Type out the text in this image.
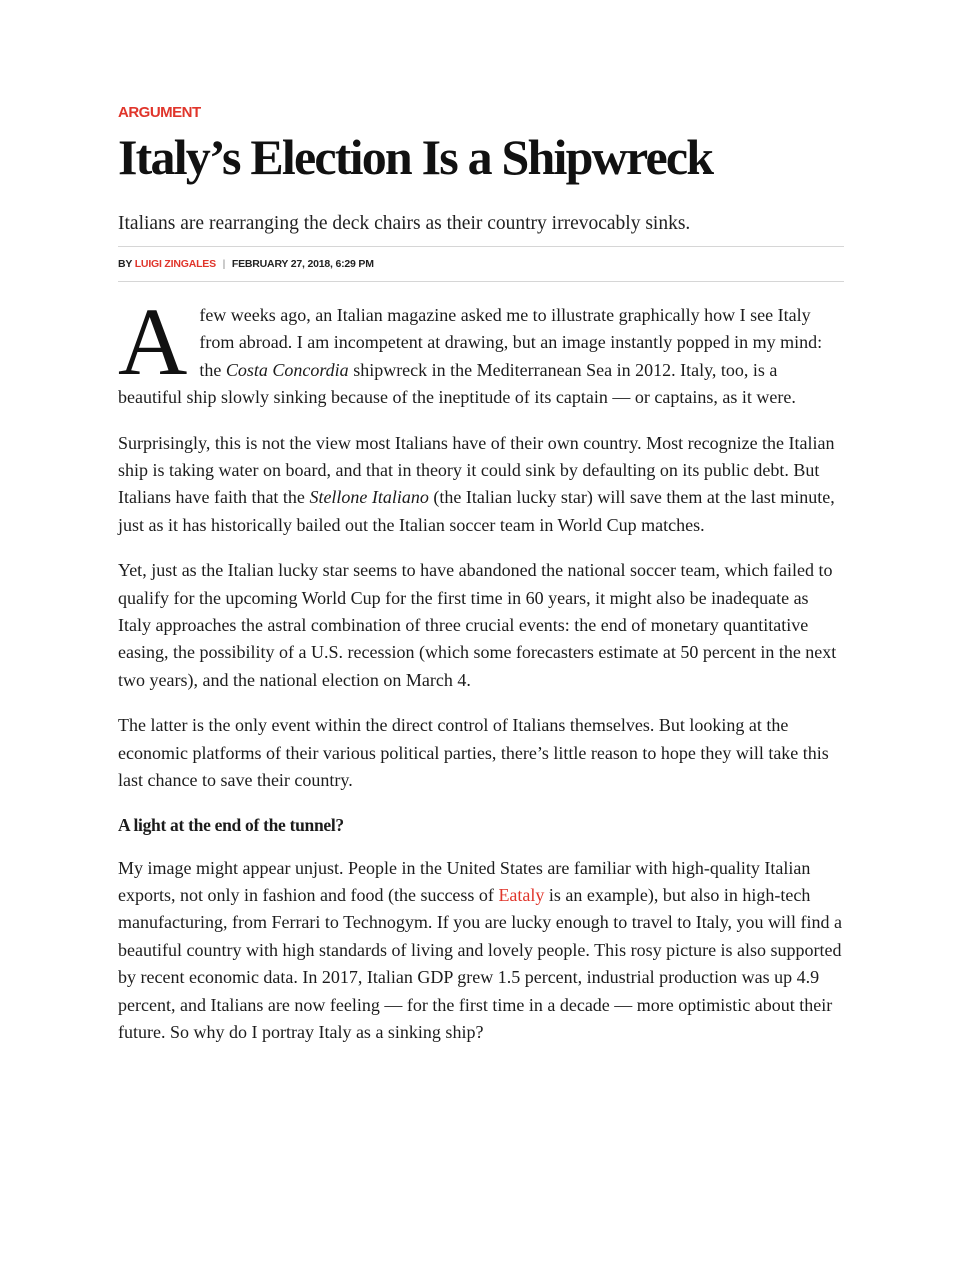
ARGUMENT
Italy’s Election Is a Shipwreck

Italians are rearranging the deck chairs as their country irrevocably sinks.

BY LUIGI ZINGALES | FEBRUARY 27, 2018, 6:29 PM

Afew weeks ago, an Italian magazine asked me to illustrate graphically how I see Italy from abroad. I am incompetent at drawing, but an image instantly popped in my mind: the Costa Concordia shipwreck in the Mediterranean Sea in 2012. Italy, too, is a beautiful ship slowly sinking because of the ineptitude of its captain — or captains, as it were.

Surprisingly, this is not the view most Italians have of their own country. Most recognize the Italian ship is taking water on board, and that in theory it could sink by defaulting on its public debt. But Italians have faith that the Stellone Italiano (the Italian lucky star) will save them at the last minute, just as it has historically bailed out the Italian soccer team in World Cup matches.

Yet, just as the Italian lucky star seems to have abandoned the national soccer team, which failed to qualify for the upcoming World Cup for the first time in 60 years, it might also be inadequate as Italy approaches the astral combination of three crucial events: the end of monetary quantitative easing, the possibility of a U.S. recession (which some forecasters estimate at 50 percent in the next two years), and the national election on March 4.

The latter is the only event within the direct control of Italians themselves. But looking at the economic platforms of their various political parties, there’s little reason to hope they will take this last chance to save their country.

A light at the end of the tunnel?

My image might appear unjust. People in the United States are familiar with high-quality Italian exports, not only in fashion and food (the success of Eataly is an example), but also in high-tech manufacturing, from Ferrari to Technogym. If you are lucky enough to travel to Italy, you will find a beautiful country with high standards of living and lovely people. This rosy picture is also supported by recent economic data. In 2017, Italian GDP grew 1.5 percent, industrial production was up 4.9 percent, and Italians are now feeling — for the first time in a decade — more optimistic about their future. So why do I portray Italy as a sinking ship?
